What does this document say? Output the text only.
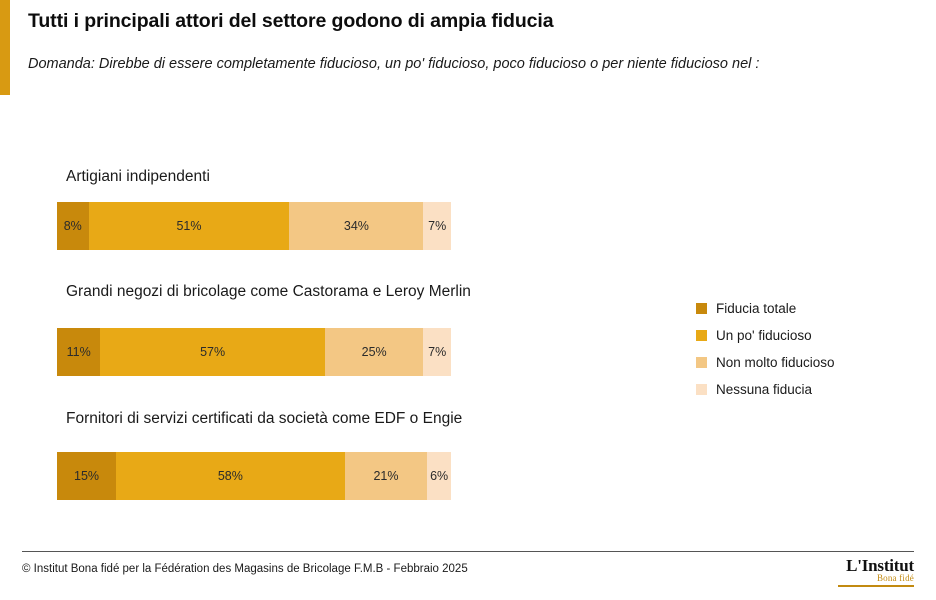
Tutti i principali attori del settore godono di ampia fiducia
Domanda: Direbbe di essere completamente fiducioso, un po' fiducioso, poco fiducioso o per niente fiducioso nel :
Artigiani indipendenti
8%	51%	34%	7%
Grandi negozi di bricolage come Castorama e Leroy Merlin
11%	57%	25%	7%
Fornitori di servizi certificati da società come EDF o Engie
15%	58%	21%	6%
Fiducia totale
Un po' fiducioso
Non molto fiducioso
Nessuna fiducia
© Institut Bona fidé per la Fédération des Magasins de Bricolage F.M.B - Febbraio 2025	L'Institut
Bona fidé
